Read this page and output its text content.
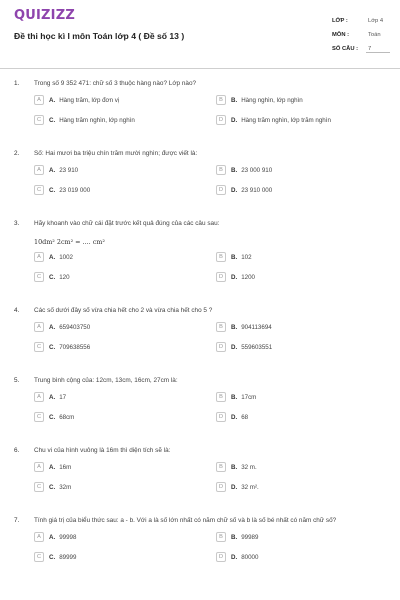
QUIZIZZ
Đề thi học kì I môn Toán lớp 4 ( Đề số 13 )
LỚP :	Lớp 4
MÔN :	Toán
SỐ CÂU :	7
1. Trong số 9 352 471: chữ số 3 thuộc hàng nào? Lớp nào?
A	A. Hàng trăm, lớp đơn vị	B	B. Hàng nghìn, lớp nghìn
C	C. Hàng trăm nghìn, lớp nghìn	D	D. Hàng trăm nghìn, lớp trăm nghìn
2. Số: Hai mươi ba triệu chín trăm mười nghìn; được viết là:
A	A. 23 910	B	B. 23 000 910
C	C. 23 019 000	D	D. 23 910 000
3. Hãy khoanh vào chữ cái đặt trước kết quả đúng của các câu sau:
10dm² 2cm² = .... cm²
A	A. 1002	B	B. 102
C	C. 120	D	D. 1200
4. Các số dưới đây số vừa chia hết cho 2 và vừa chia hết cho 5 ?
A	A. 659403750	B	B. 904113694
C	C. 709638556	D	D. 559603551
5. Trung bình cộng của: 12cm, 13cm, 16cm, 27cm là:
A	A. 17	B	B. 17cm
C	C. 68cm	D	D. 68
6. Chu vi của hình vuông là 16m thì diện tích sẽ là:
A	A. 16m	B	B. 32 m.
C	C. 32m	D	D. 32 m².
7. Tính giá trị của biểu thức sau: a - b. Với a là số lớn nhất có năm chữ số và b là số bé nhất có năm chữ số?
A	A. 99998	B	B. 99989
C	C. 89999	D	D. 80000
